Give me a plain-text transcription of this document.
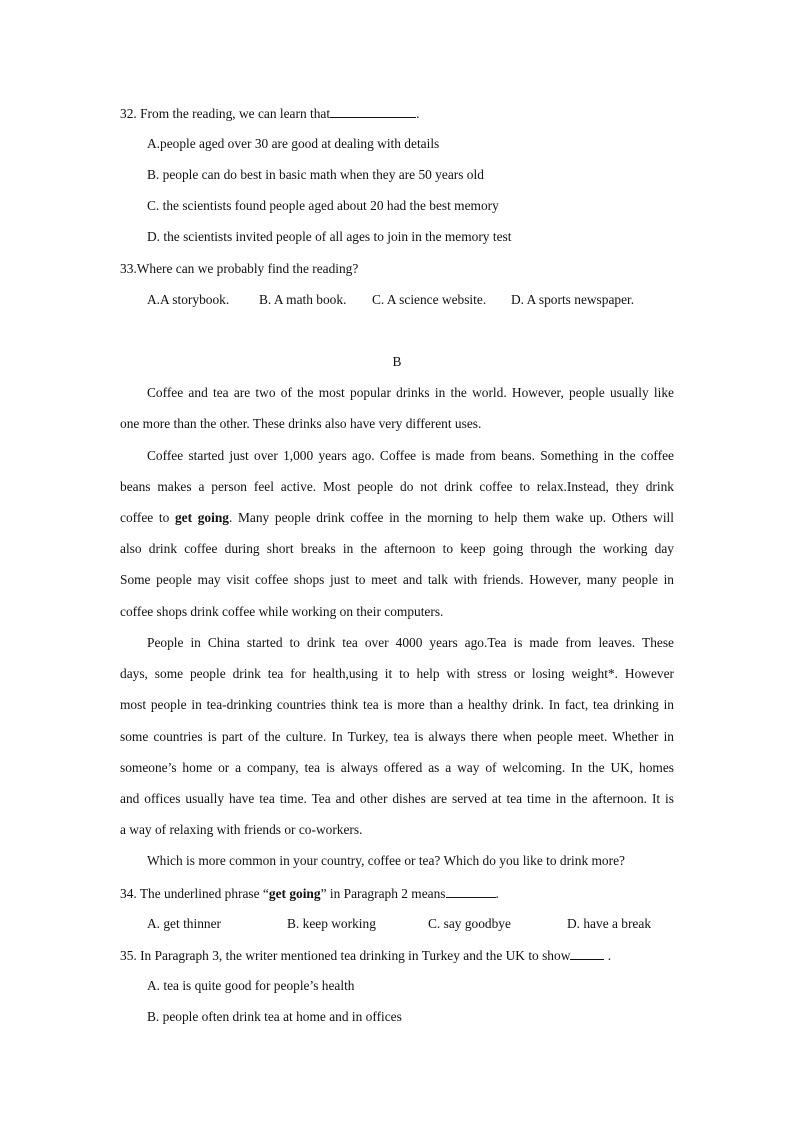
32. From the reading, we can learn that	.
A.people aged over 30 are good at dealing with details
B. people can do best in basic math when they are 50 years old
C. the scientists found people aged about 20 had the best memory
D. the scientists invited people of all ages to join in the memory test
33.Where can we probably find the reading?
A.A storybook. B. A math book. C. A science website. D. A sports newspaper.
B
Coffee and tea are two of the most popular drinks in the world. However, people usually like
one more than the other. These drinks also have very different uses.
Coffee started just over 1,000 years ago. Coffee is made from beans. Something in the coffee
beans makes a person feel active. Most people do not drink coffee to relax.Instead, they drink
coffee to get going. Many people drink coffee in the morning to help them wake up. Others will
also drink coffee during short breaks in the afternoon to keep going through the working day
Some people may visit coffee shops just to meet and talk with friends. However, many people in
coffee shops drink coffee while working on their computers.
People in China started to drink tea over 4000 years ago.Tea is made from leaves. These
days, some people drink tea for health,using it to help with stress or losing weight*. However
most people in tea-drinking countries think tea is more than a healthy drink. In fact, tea drinking in
some countries is part of the culture. In Turkey, tea is always there when people meet. Whether in
someone’s home or a company, tea is always offered as a way of welcoming. In the UK, homes
and offices usually have tea time. Tea and other dishes are served at tea time in the afternoon. It is
a way of relaxing with friends or co-workers.
Which is more common in your country, coffee or tea? Which do you like to drink more?
34. The underlined phrase “get going” in Paragraph 2 means	.
A. get thinner	B. keep working	C. say goodbye	D. have a break
35. In Paragraph 3, the writer mentioned tea drinking in Turkey and the UK to show	.
A. tea is quite good for people’s health
B. people often drink tea at home and in offices
